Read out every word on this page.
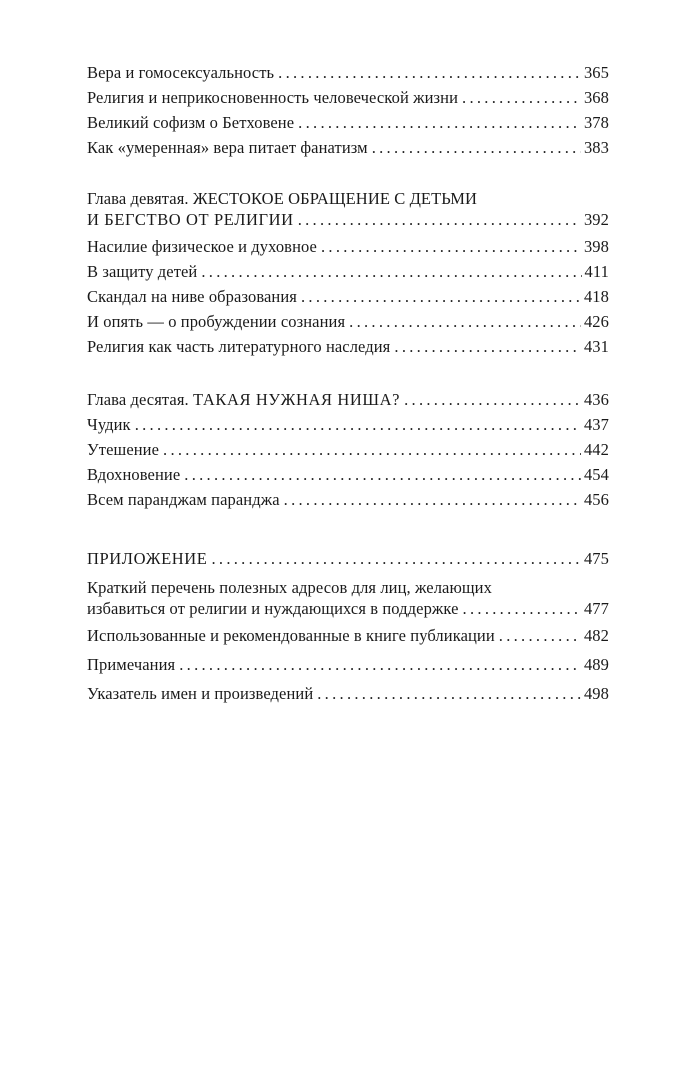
Вера и гомосексуальность .....	365
Религия и неприкосновенность человеческой жизни .....	368
Великий софизм о Бетховене .....	378
Как «умеренная» вера питает фанатизм .....	383
Глава девятая. ЖЕСТОКОЕ ОБРАЩЕНИЕ С ДЕТЬМИ
И БЕГСТВО ОТ РЕЛИГИИ .....	392
Насилие физическое и духовное .....	398
В защиту детей .....	411
Скандал на ниве образования .....	418
И опять — о пробуждении сознания .....	426
Религия как часть литературного наследия .....	431
Глава десятая. ТАКАЯ НУЖНАЯ НИША? .....	436
Чудик .....	437
Утешение .....	442
Вдохновение .....	454
Всем паранджам паранджа .....	456
ПРИЛОЖЕНИЕ .....	475
Краткий перечень полезных адресов для лиц, желающих
избавиться от религии и нуждающихся в поддержке .....	477
Использованные и рекомендованные в книге публикации .....	482
Примечания .....	489
Указатель имен и произведений .....	498
